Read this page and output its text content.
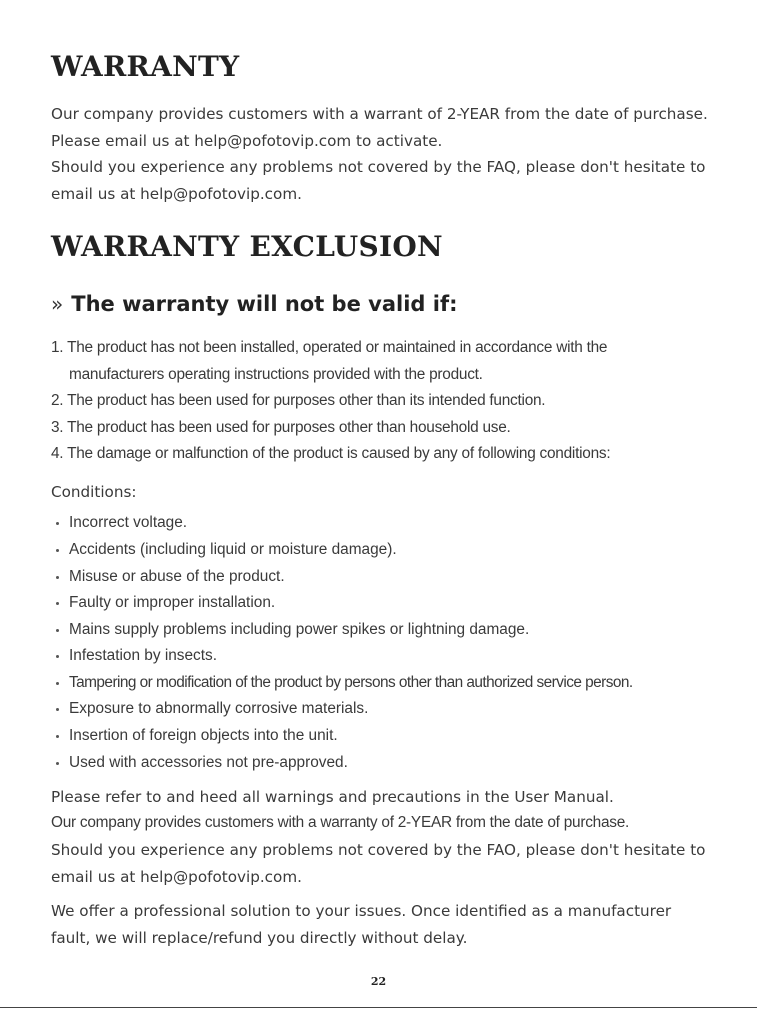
WARRANTY
Our company provides customers with a warrant of 2-YEAR from the date of purchase.
Please email us at help@pofotovip.com to activate.
Should you experience any problems not covered by the FAQ, please don't hesitate to
email us at help@pofotovip.com.
WARRANTY EXCLUSION
» The warranty will not be valid if:
1. The product has not been installed, operated or maintained in accordance with the
manufacturers operating instructions provided with the product.
2. The product has been used for purposes other than its intended function.
3. The product has been used for purposes other than household use.
4. The damage or malfunction of the product is caused by any of following conditions:
Conditions:
Incorrect voltage.
Accidents (including liquid or moisture damage).
Misuse or abuse of the product.
Faulty or improper installation.
Mains supply problems including power spikes or lightning damage.
Infestation by insects.
Tampering or modification of the product by persons other than authorized service person.
Exposure to abnormally corrosive materials.
Insertion of foreign objects into the unit.
Used with accessories not pre-approved.
Please refer to and heed all warnings and precautions in the User Manual.
Our company provides customers with a warranty of 2-YEAR from the date of purchase.
Should you experience any problems not covered by the FAO, please don't hesitate to
email us at help@pofotovip.com.
We offer a professional solution to your issues. Once identified as a manufacturer
fault, we will replace/refund you directly without delay.
22
